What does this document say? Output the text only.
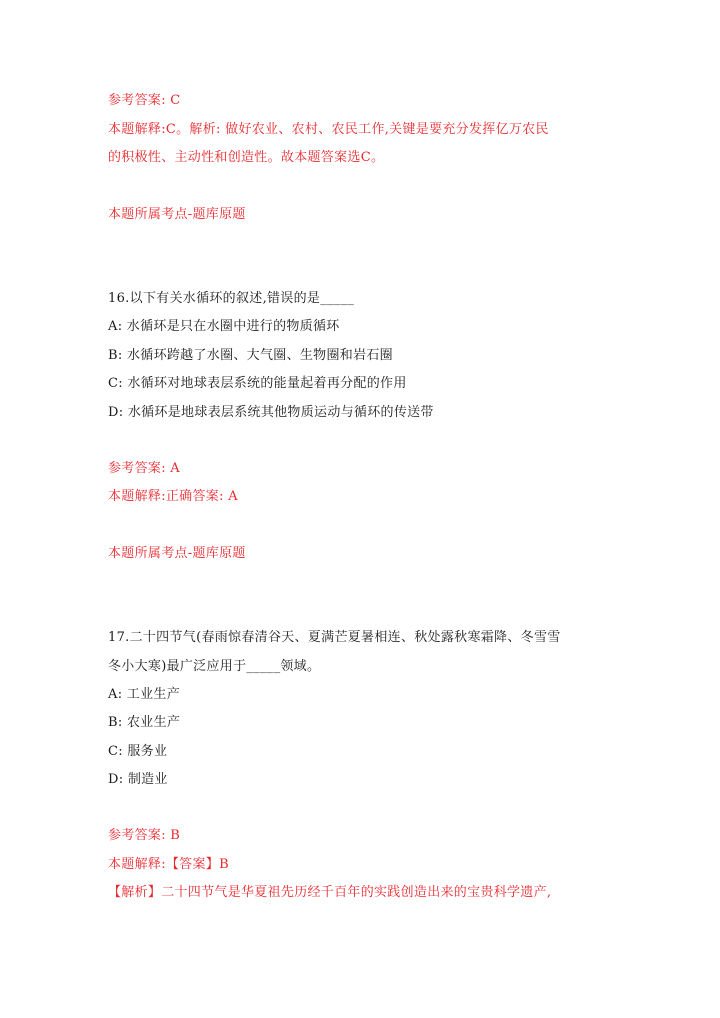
参考答案: C
本题解释:C。解析: 做好农业、农村、农民工作,关键是要充分发挥亿万农民
的积极性、主动性和创造性。故本题答案选C。
本题所属考点-题库原题
16.以下有关水循环的叙述,错误的是_____
A: 水循环是只在水圈中进行的物质循环
B: 水循环跨越了水圈、大气圈、生物圈和岩石圈
C: 水循环对地球表层系统的能量起着再分配的作用
D: 水循环是地球表层系统其他物质运动与循环的传送带
参考答案: A
本题解释:正确答案: A
本题所属考点-题库原题
17.二十四节气(春雨惊春清谷天、夏满芒夏暑相连、秋处露秋寒霜降、冬雪雪
冬小大寒)最广泛应用于_____领域。
A: 工业生产
B: 农业生产
C: 服务业
D: 制造业
参考答案: B
本题解释:【答案】B
【解析】二十四节气是华夏祖先历经千百年的实践创造出来的宝贵科学遗产,
